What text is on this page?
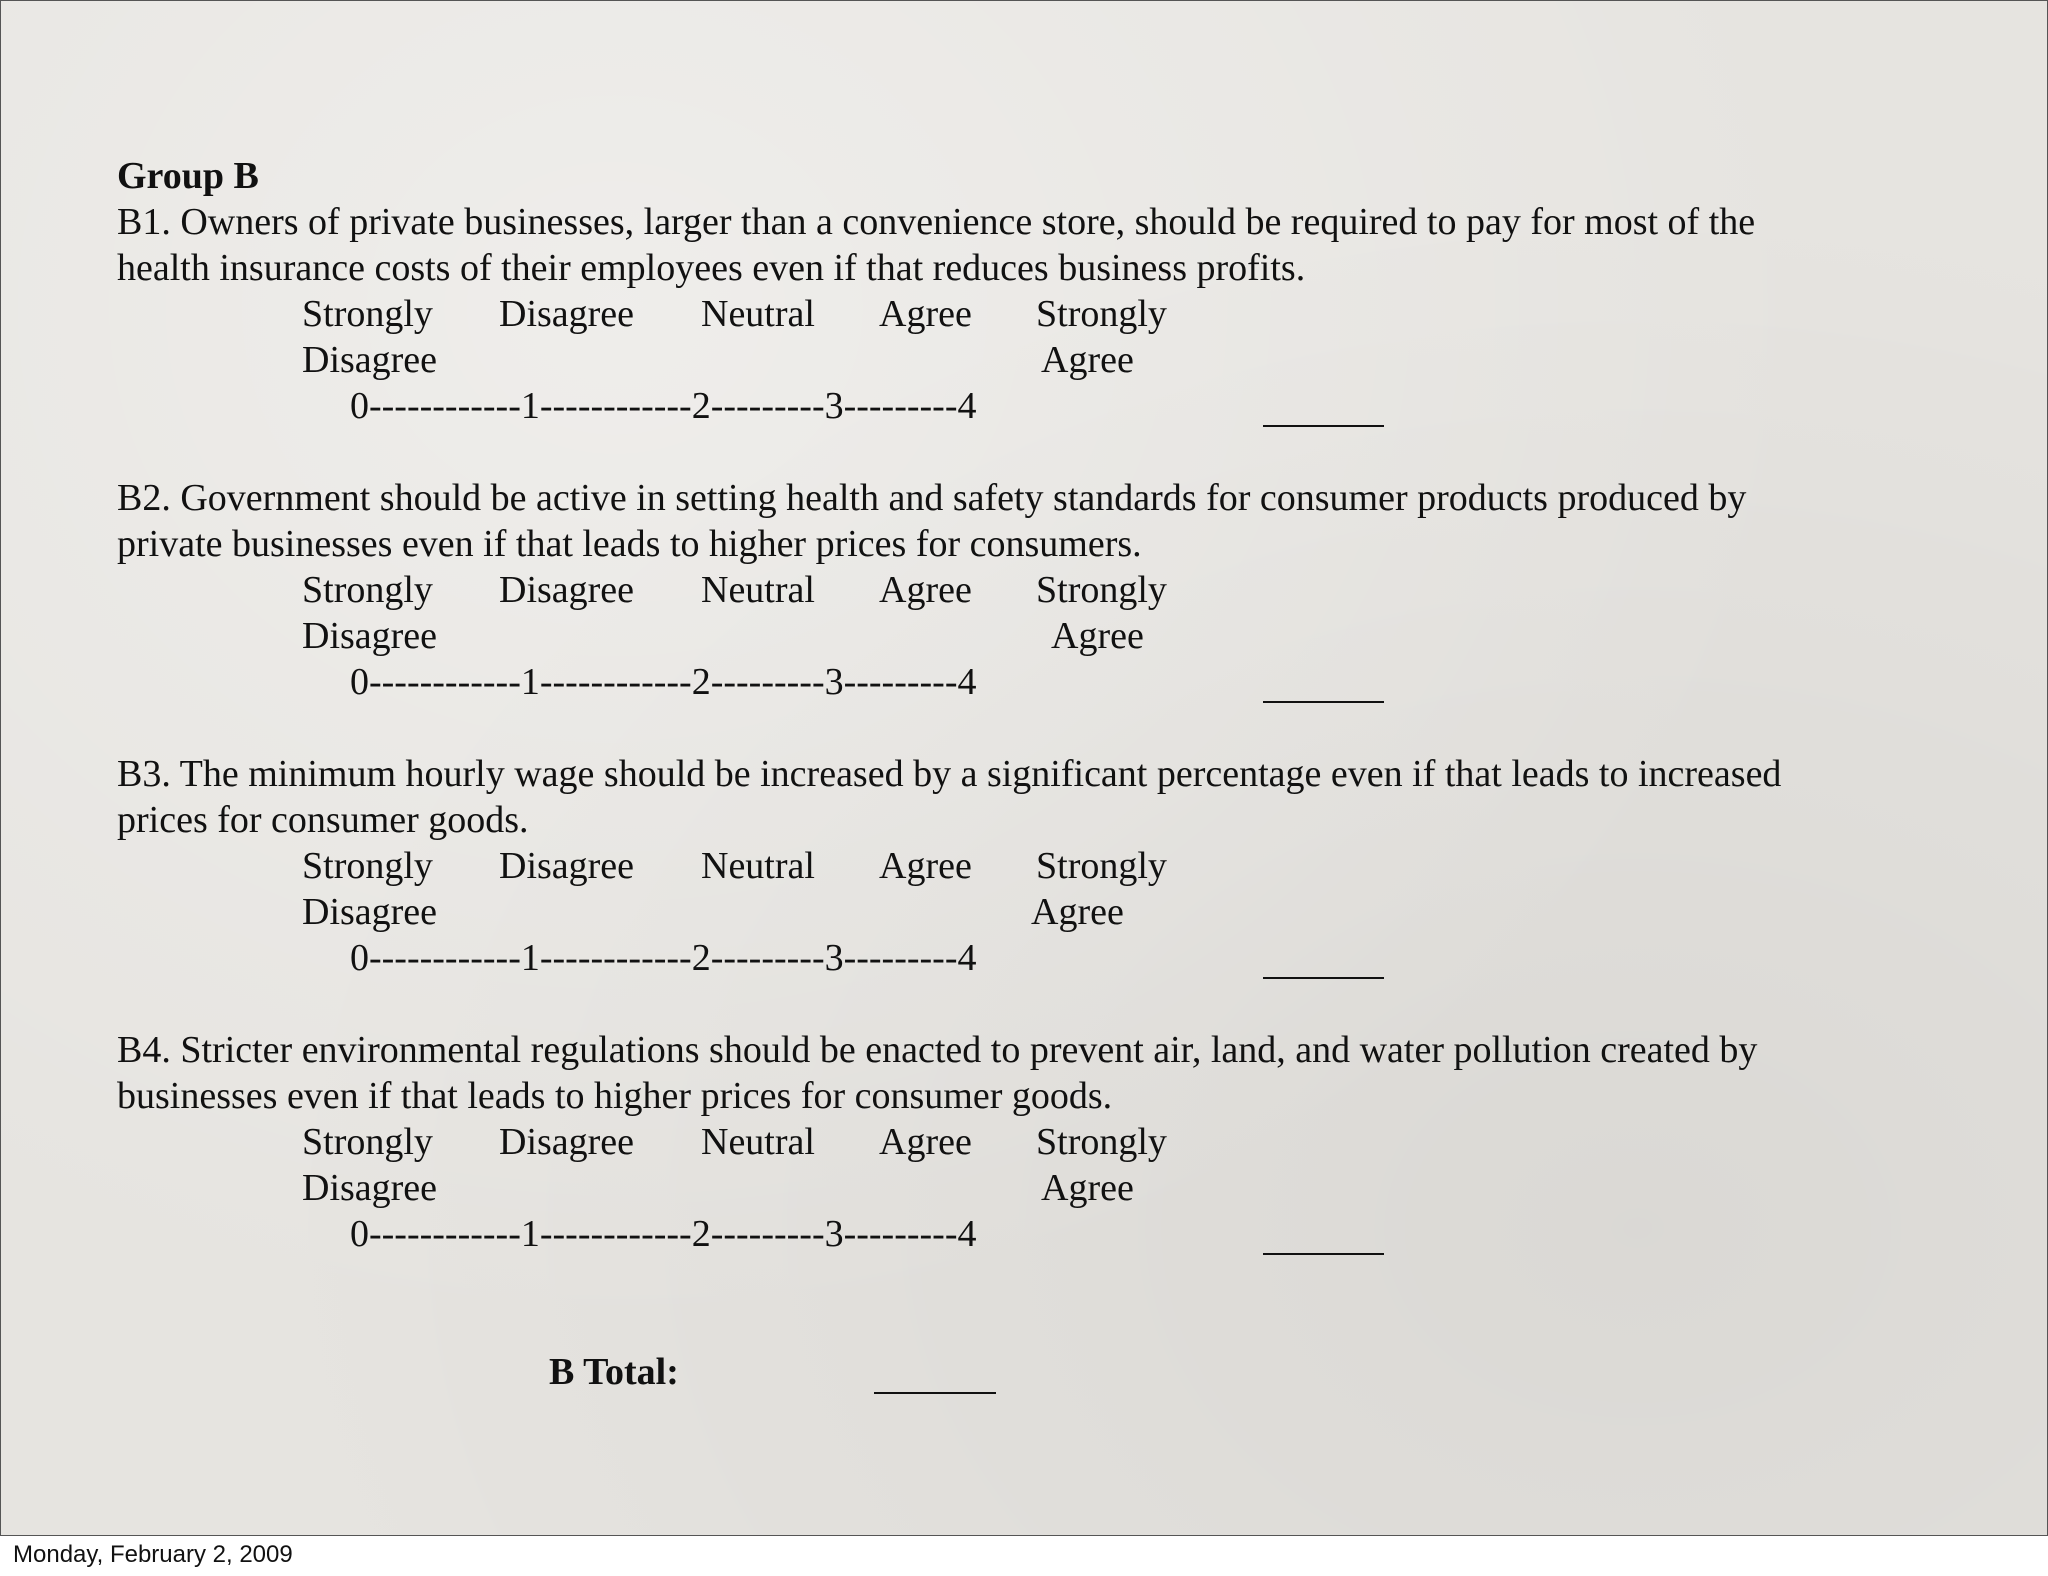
Group B
B1. Owners of private businesses, larger than a convenience store, should be required to pay for most of the
health insurance costs of their employees even if that reduces business profits.
Strongly Disagree Neutral Agree Strongly
Disagree	Agree
0------------1------------2---------3---------4
B2. Government should be active in setting health and safety standards for consumer products produced by
private businesses even if that leads to higher prices for consumers.
Strongly Disagree Neutral Agree Strongly
Disagree	Agree
0------------1------------2---------3---------4
B3. The minimum hourly wage should be increased by a significant percentage even if that leads to increased
prices for consumer goods.
Strongly Disagree Neutral Agree Strongly
Disagree	Agree
0------------1------------2---------3---------4
B4. Stricter environmental regulations should be enacted to prevent air, land, and water pollution created by
businesses even if that leads to higher prices for consumer goods.
Strongly Disagree Neutral Agree Strongly
Disagree	Agree
0------------1------------2---------3---------4
B Total:
Monday, February 2, 2009
